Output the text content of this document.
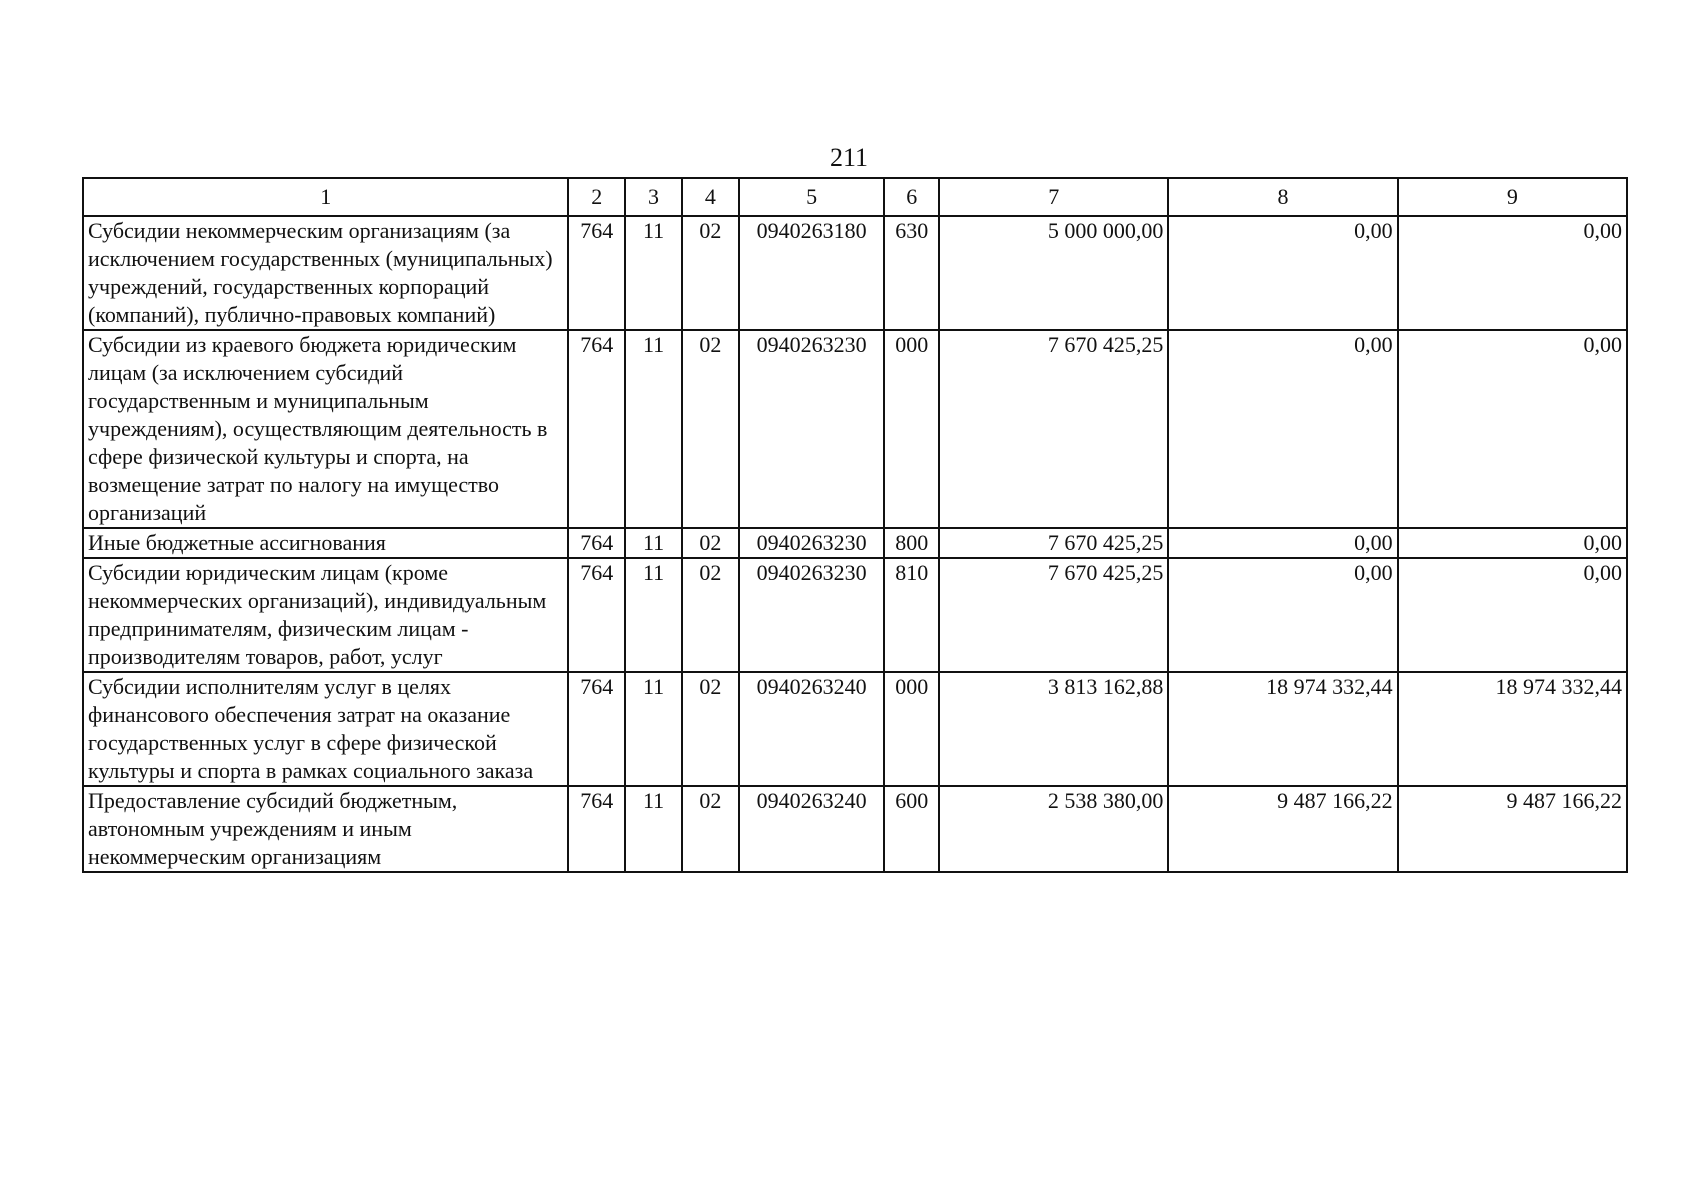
211
1	2	3	4	5	6	7	8	9
Субсидии некоммерческим организациям (за исключением государственных (муниципальных) учреждений, государственных корпораций (компаний), публично-правовых компаний)	764	11	02	0940263180	630	5 000 000,00	0,00	0,00
Субсидии из краевого бюджета юридическим лицам (за исключением субсидий государственным и муниципальным учреждениям), осуществляющим деятельность в сфере физической культуры и спорта, на возмещение затрат по налогу на имущество организаций	764	11	02	0940263230	000	7 670 425,25	0,00	0,00
Иные бюджетные ассигнования	764	11	02	0940263230	800	7 670 425,25	0,00	0,00
Субсидии юридическим лицам (кроме некоммерческих организаций), индивидуальным предпринимателям, физическим лицам - производителям товаров, работ, услуг	764	11	02	0940263230	810	7 670 425,25	0,00	0,00
Субсидии исполнителям услуг в целях финансового обеспечения затрат на оказание государственных услуг в сфере физической культуры и спорта в рамках социального заказа	764	11	02	0940263240	000	3 813 162,88	18 974 332,44	18 974 332,44
Предоставление субсидий бюджетным, автономным учреждениям и иным некоммерческим организациям	764	11	02	0940263240	600	2 538 380,00	9 487 166,22	9 487 166,22
